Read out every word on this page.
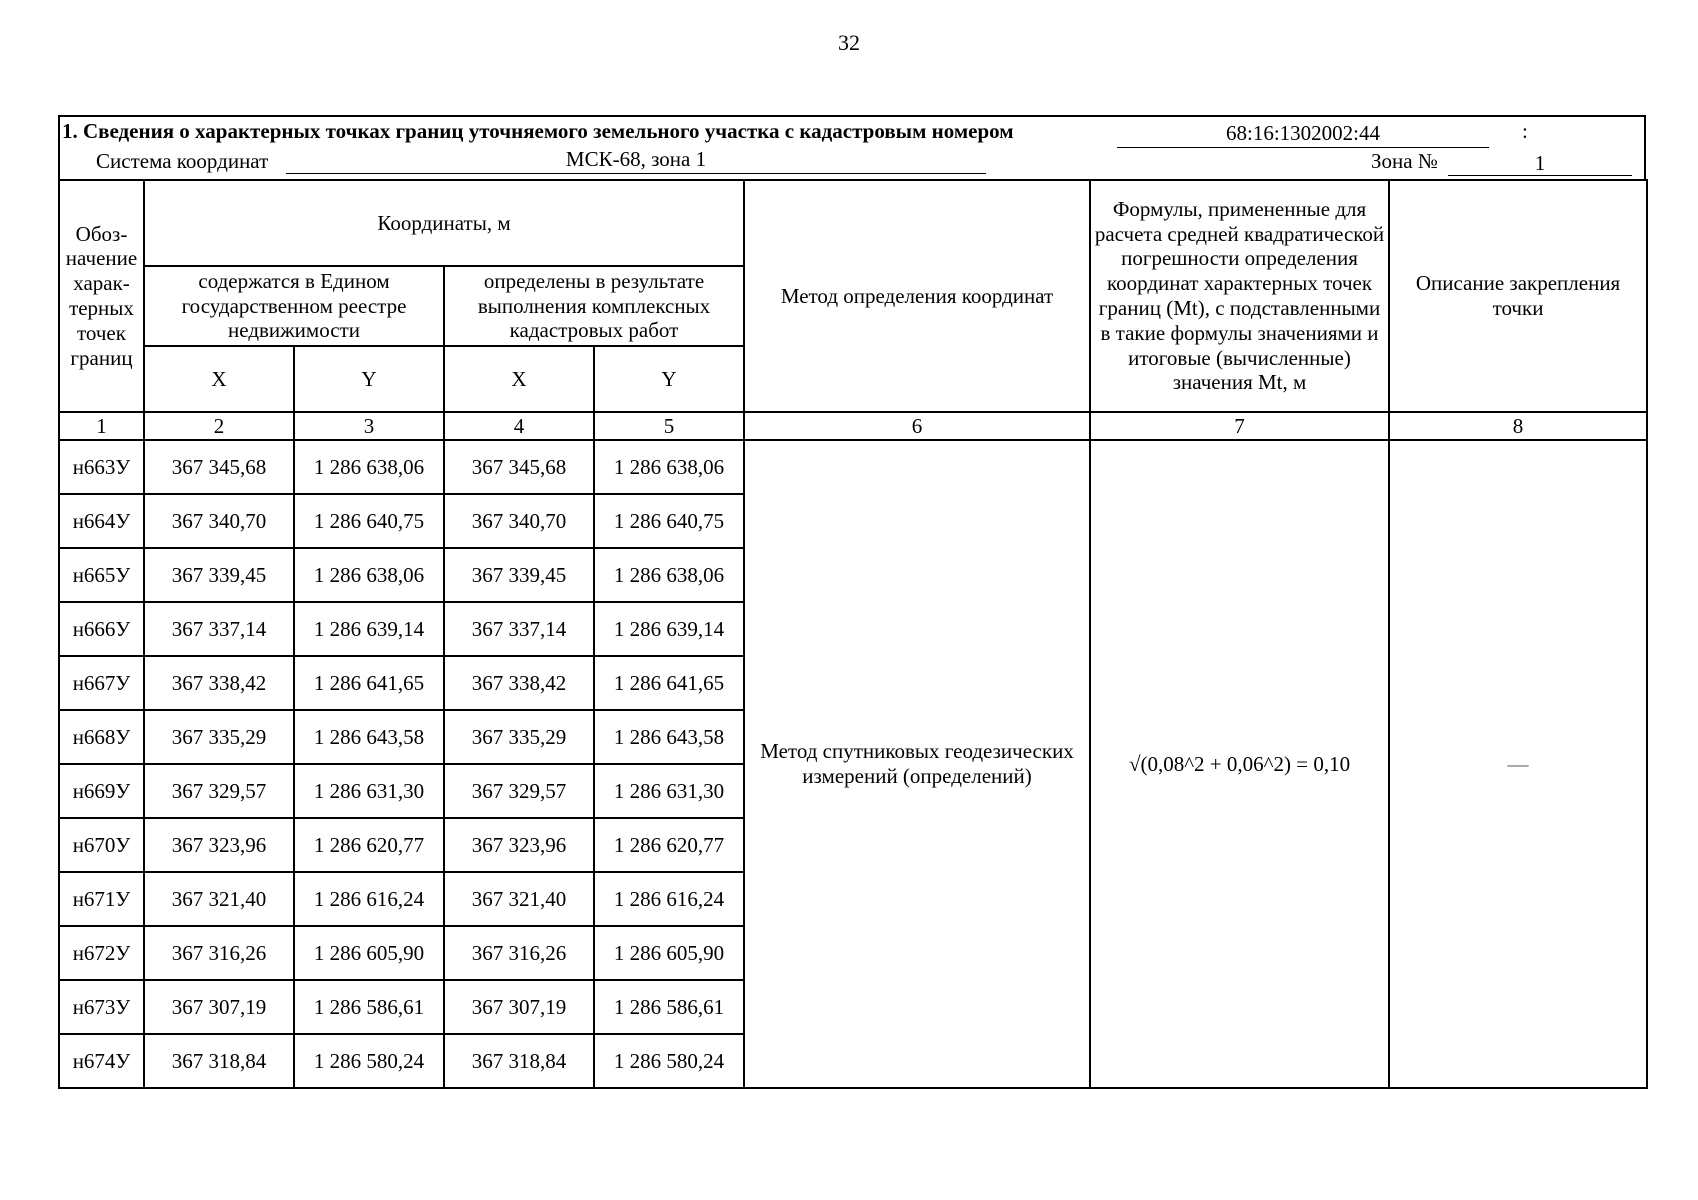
32
1. Сведения о характерных точках границ уточняемого земельного участка с кадастровым номером	68:16:1302002:44	:
Система координат	МСК-68, зона 1	Зона №	1
Обоз-начение харак-терных точек границ	Координаты, м				Метод определения координат	Формулы, примененные для расчета средней квадратической погрешности определения координат характерных точек границ (Mt), с подставленными в такие формулы значениями и итоговые (вычисленные) значения Mt, м	Описание закрепления точки
	содержатся в Едином государственном реестре недвижимости		определены в результате выполнения комплексных кадастровых работ				
	X	Y	X	Y			
1	2	3	4	5	6	7	8
н663У	367 345,68	1 286 638,06	367 345,68	1 286 638,06	Метод спутниковых геодезических измерений (определений)	√(0,08^2 + 0,06^2) = 0,10	—
н664У	367 340,70	1 286 640,75	367 340,70	1 286 640,75			
н665У	367 339,45	1 286 638,06	367 339,45	1 286 638,06			
н666У	367 337,14	1 286 639,14	367 337,14	1 286 639,14			
н667У	367 338,42	1 286 641,65	367 338,42	1 286 641,65			
н668У	367 335,29	1 286 643,58	367 335,29	1 286 643,58			
н669У	367 329,57	1 286 631,30	367 329,57	1 286 631,30			
н670У	367 323,96	1 286 620,77	367 323,96	1 286 620,77			
н671У	367 321,40	1 286 616,24	367 321,40	1 286 616,24			
н672У	367 316,26	1 286 605,90	367 316,26	1 286 605,90			
н673У	367 307,19	1 286 586,61	367 307,19	1 286 586,61			
н674У	367 318,84	1 286 580,24	367 318,84	1 286 580,24			
